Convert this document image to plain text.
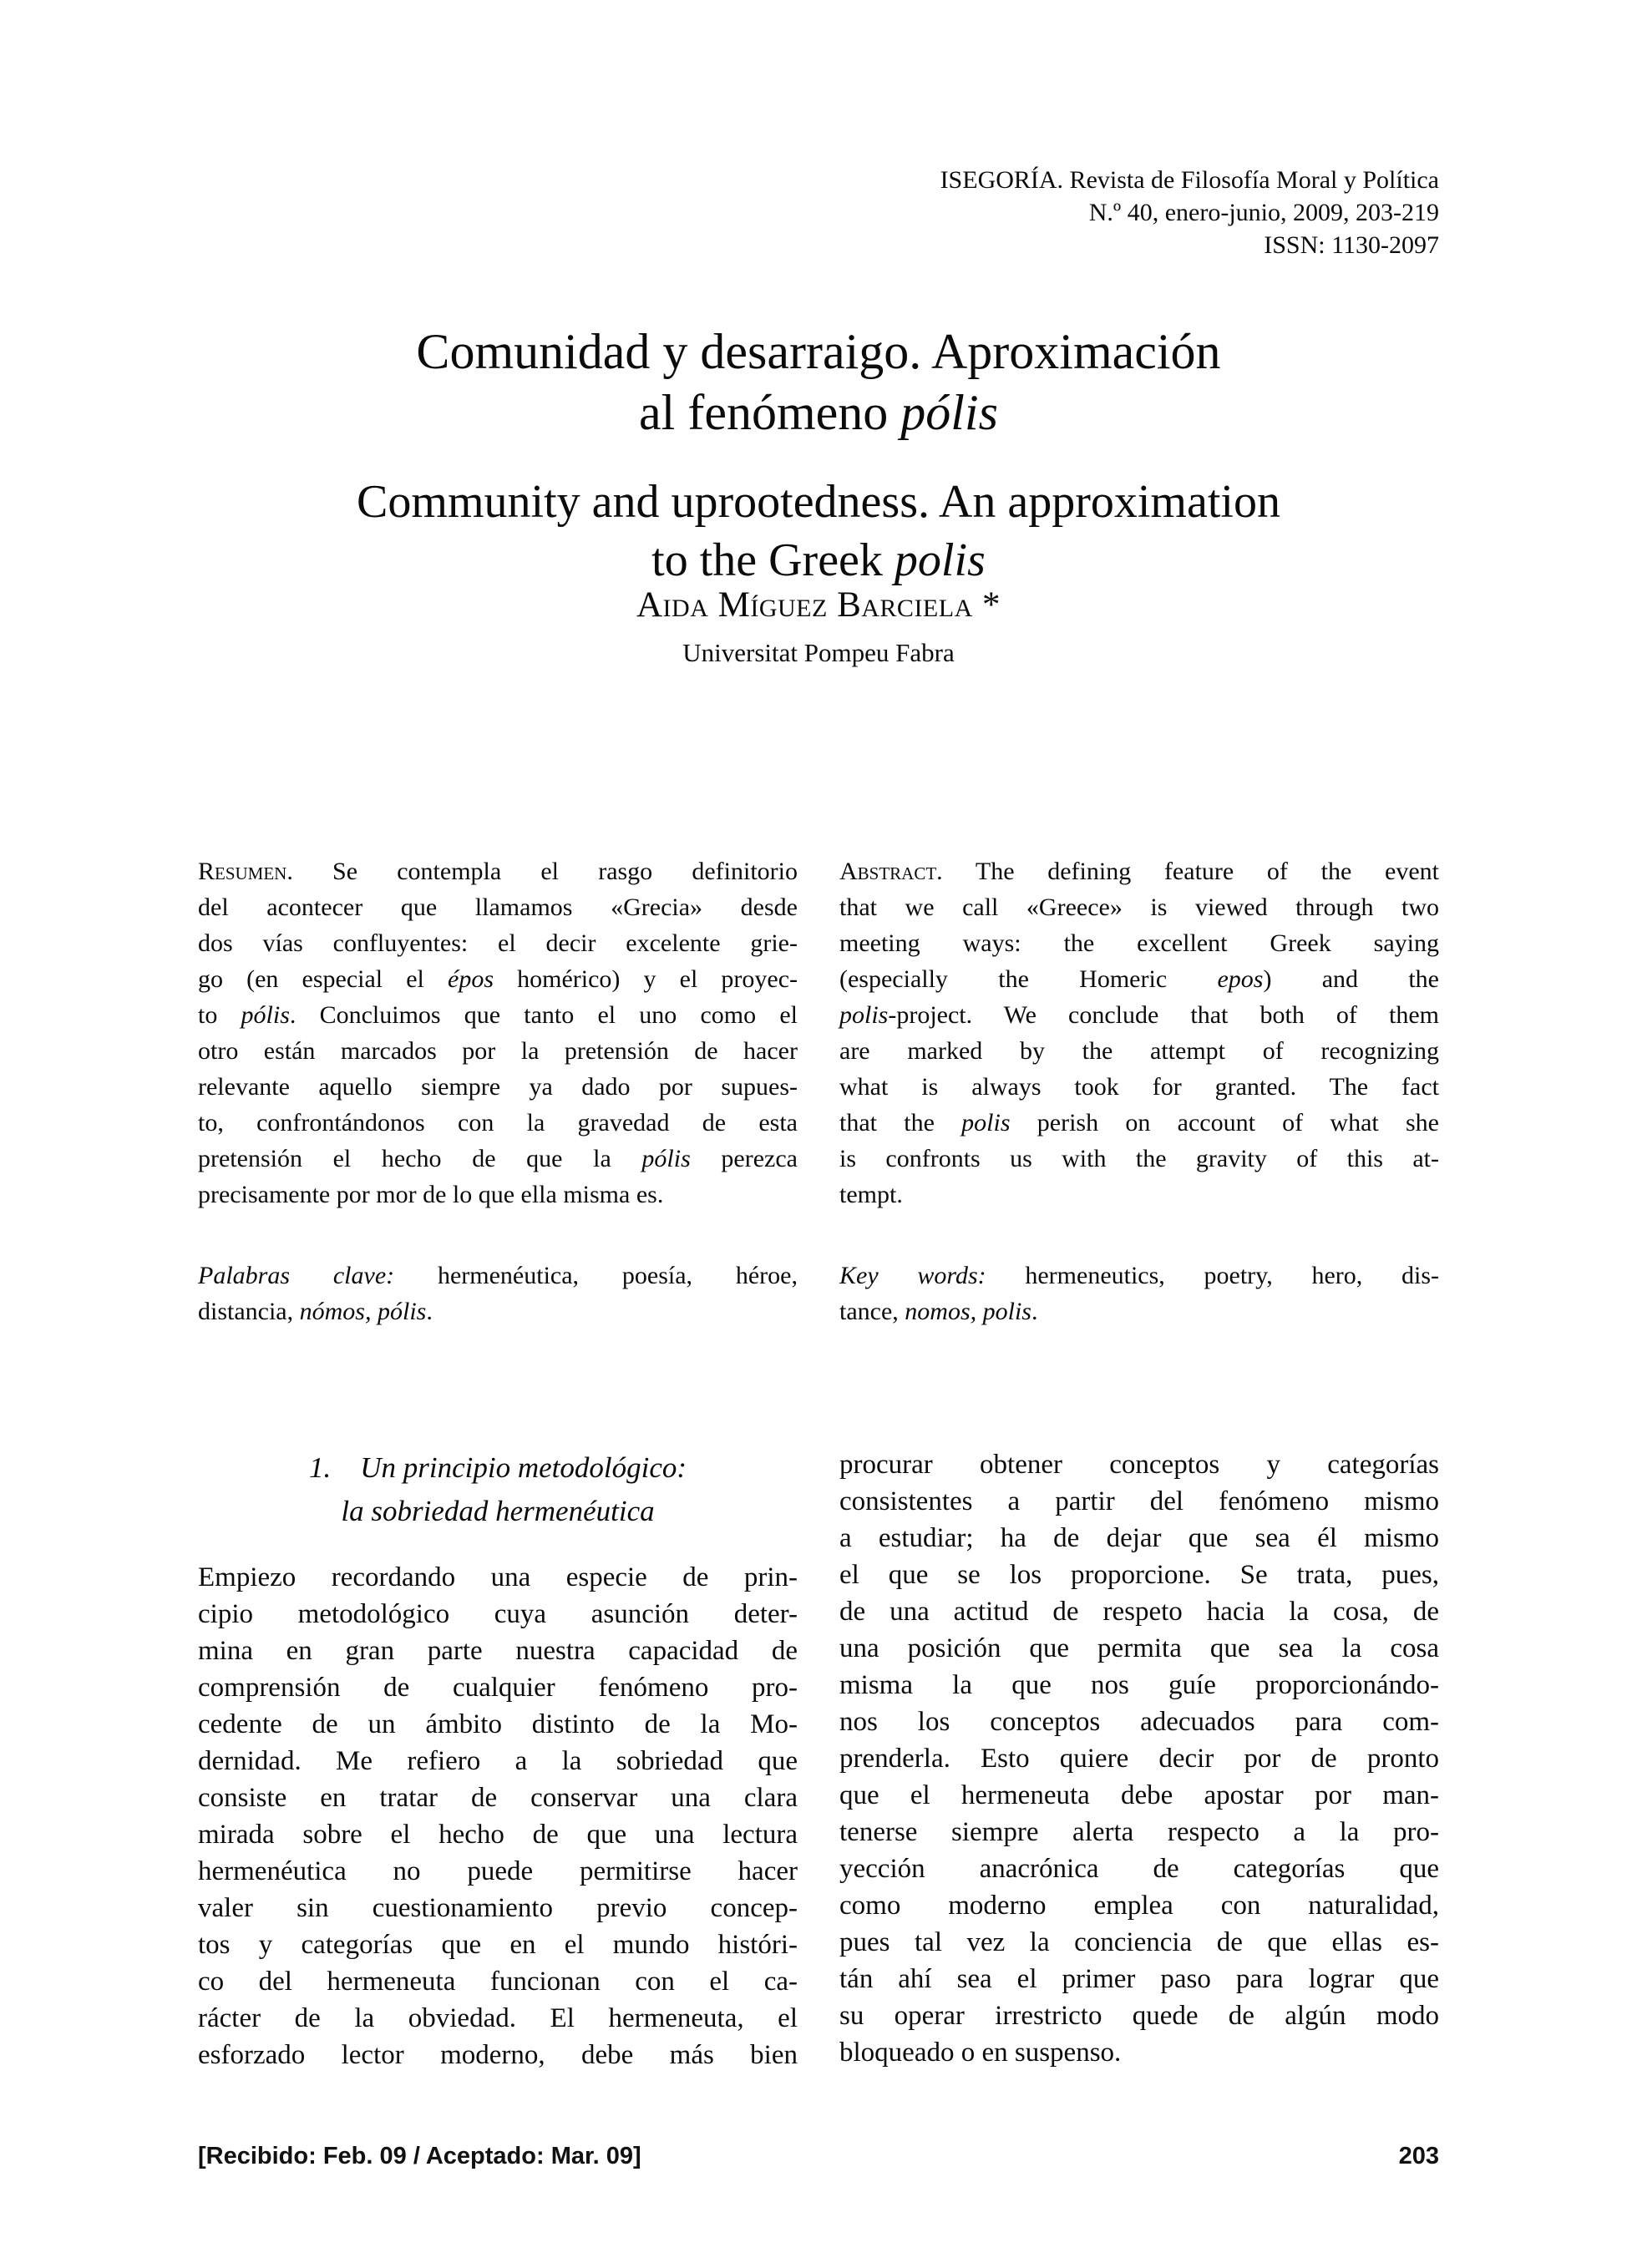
ISEGORÍA. Revista de Filosofía Moral y Política
N.º 40, enero-junio, 2009, 203-219
ISSN: 1130-2097
Comunidad y desarraigo. Aproximación
al fenómeno pólis
Community and uprootedness. An approximation
to the Greek polis
Aida Míguez Barciela *
Universitat Pompeu Fabra
Resumen. Se contempla el rasgo definitorio
del acontecer que llamamos «Grecia» desde
dos vías confluyentes: el decir excelente grie-
go (en especial el épos homérico) y el proyec-
to pólis. Concluimos que tanto el uno como el
otro están marcados por la pretensión de hacer
relevante aquello siempre ya dado por supues-
to, confrontándonos con la gravedad de esta
pretensión el hecho de que la pólis perezca
precisamente por mor de lo que ella misma es.
Palabras clave: hermenéutica, poesía, héroe,
distancia, nómos, pólis.
Abstract. The defining feature of the event
that we call «Greece» is viewed through two
meeting ways: the excellent Greek saying
(especially the Homeric epos) and the
polis-project. We conclude that both of them
are marked by the attempt of recognizing
what is always took for granted. The fact
that the polis perish on account of what she
is confronts us with the gravity of this at-
tempt.
Key words: hermeneutics, poetry, hero, dis-
tance, nomos, polis.
1. Un principio metodológico:
la sobriedad hermenéutica
Empiezo recordando una especie de prin-
cipio metodológico cuya asunción deter-
mina en gran parte nuestra capacidad de
comprensión de cualquier fenómeno pro-
cedente de un ámbito distinto de la Mo-
dernidad. Me refiero a la sobriedad que
consiste en tratar de conservar una clara
mirada sobre el hecho de que una lectura
hermenéutica no puede permitirse hacer
valer sin cuestionamiento previo concep-
tos y categorías que en el mundo históri-
co del hermeneuta funcionan con el ca-
rácter de la obviedad. El hermeneuta, el
esforzado lector moderno, debe más bien
procurar obtener conceptos y categorías
consistentes a partir del fenómeno mismo
a estudiar; ha de dejar que sea él mismo
el que se los proporcione. Se trata, pues,
de una actitud de respeto hacia la cosa, de
una posición que permita que sea la cosa
misma la que nos guíe proporcionándo-
nos los conceptos adecuados para com-
prenderla. Esto quiere decir por de pronto
que el hermeneuta debe apostar por man-
tenerse siempre alerta respecto a la pro-
yección anacrónica de categorías que
como moderno emplea con naturalidad,
pues tal vez la conciencia de que ellas es-
tán ahí sea el primer paso para lograr que
su operar irrestricto quede de algún modo
bloqueado o en suspenso.
[Recibido: Feb. 09 / Aceptado: Mar. 09]	203
